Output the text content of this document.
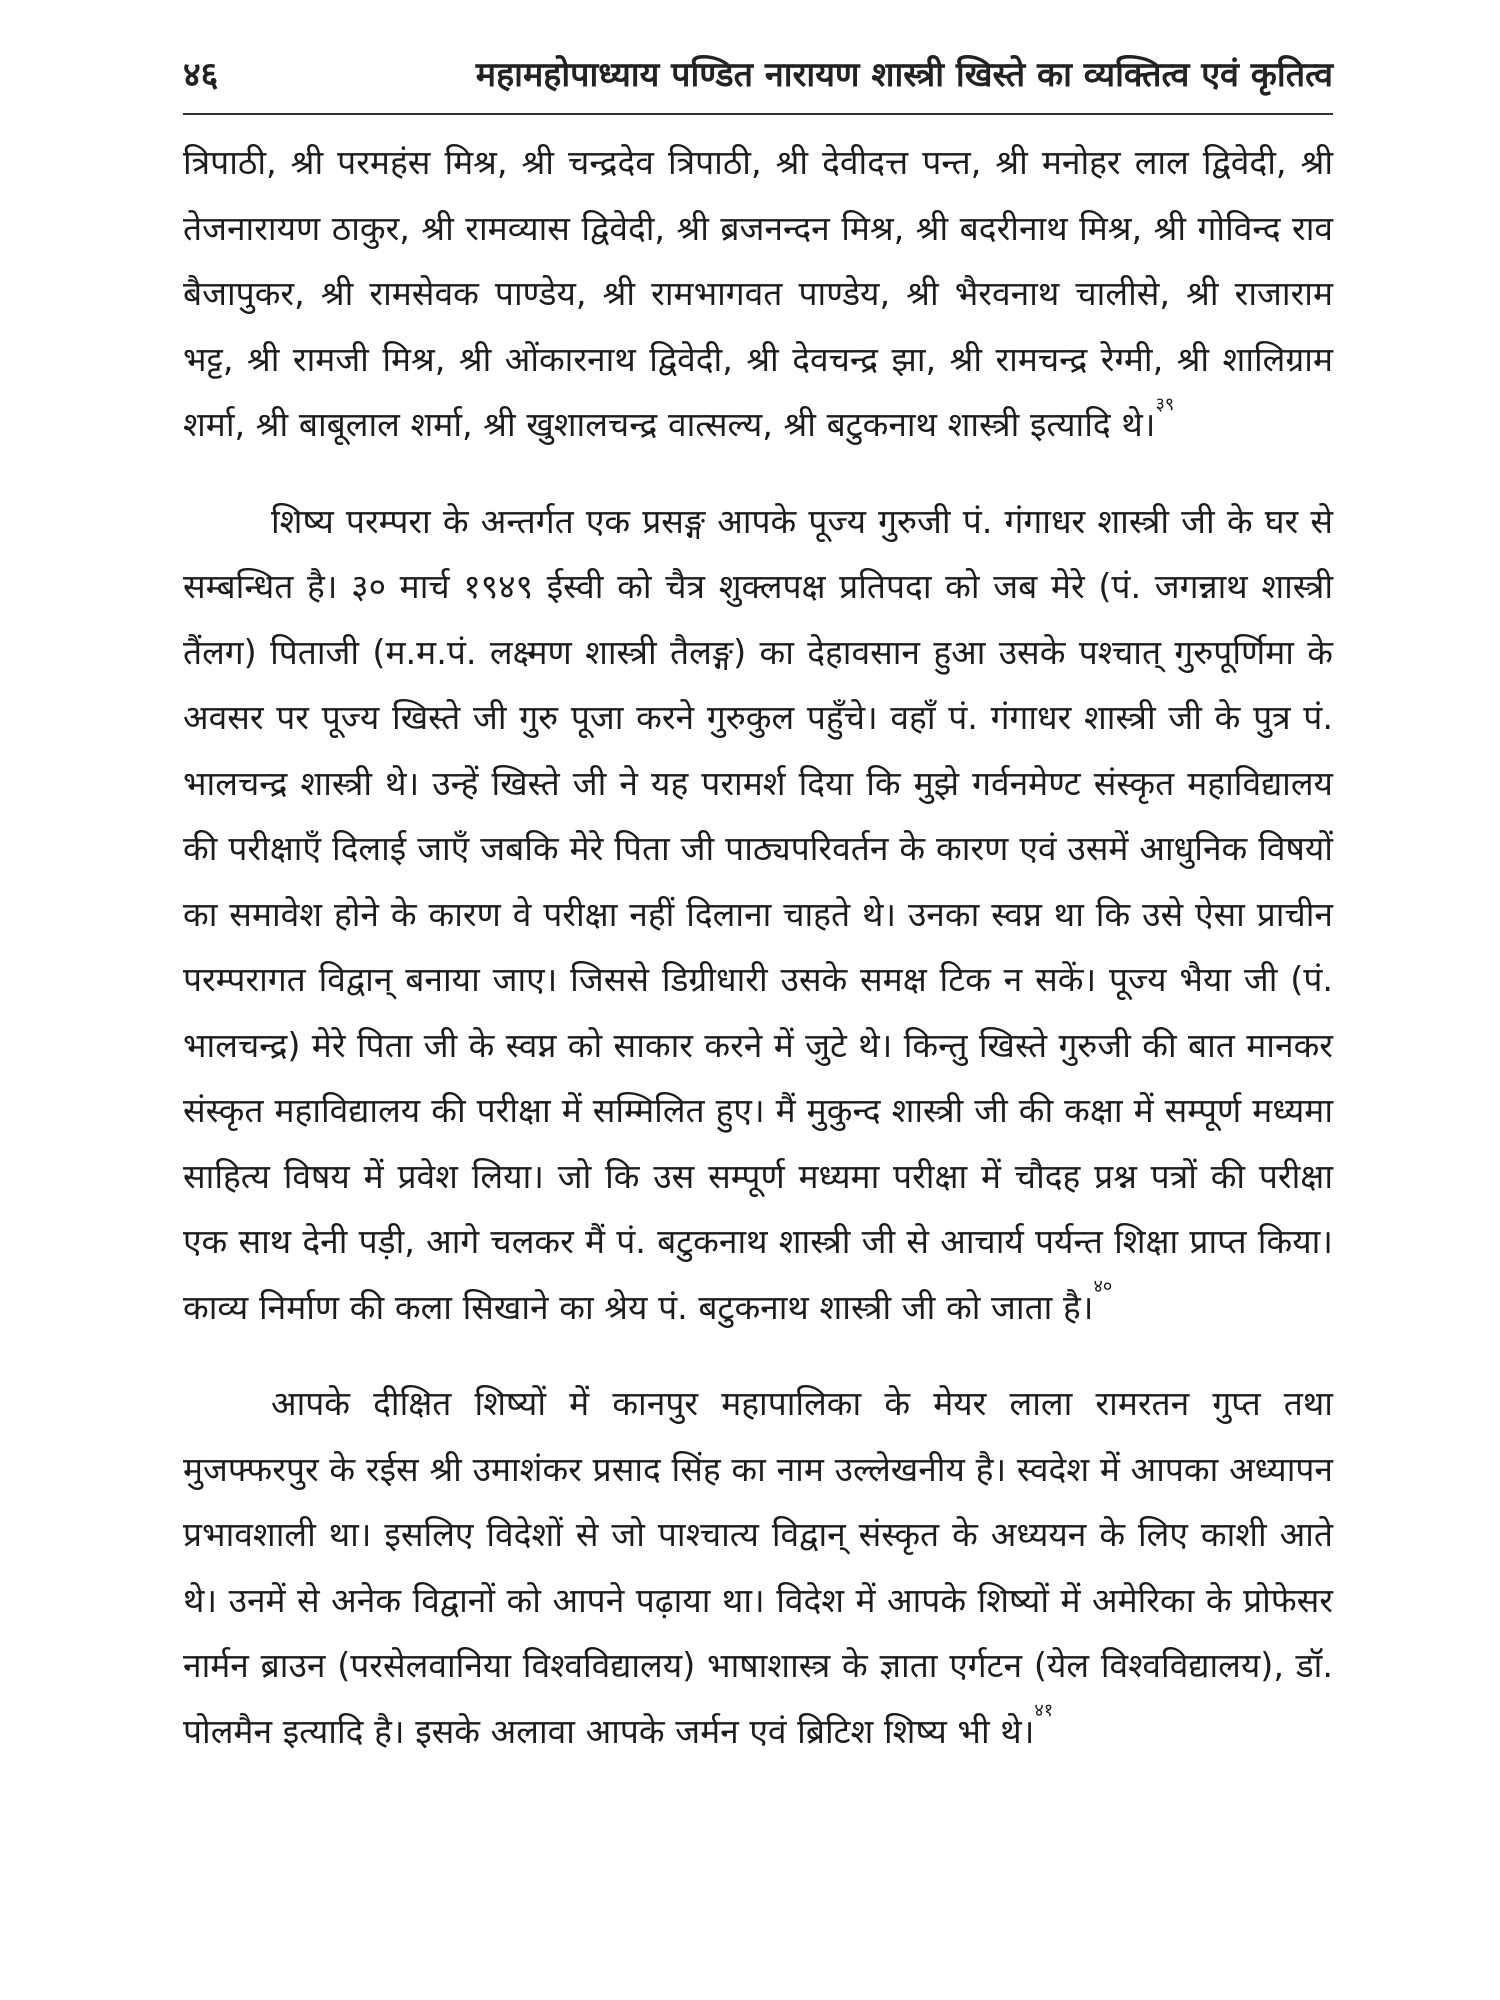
४६	महामहोपाध्याय पण्डित नारायण शास्त्री खिस्ते का व्यक्तित्व एवं कृतित्व

त्रिपाठी, श्री परमहंस मिश्र, श्री चन्द्रदेव त्रिपाठी, श्री देवीदत्त पन्त, श्री मनोहर लाल द्विवेदी, श्री तेजनारायण ठाकुर, श्री रामव्यास द्विवेदी, श्री ब्रजनन्दन मिश्र, श्री बदरीनाथ मिश्र, श्री गोविन्द राव बैजापुकर, श्री रामसेवक पाण्डेय, श्री रामभागवत पाण्डेय, श्री भैरवनाथ चालीसे, श्री राजाराम भट्ट, श्री रामजी मिश्र, श्री ओंकारनाथ द्विवेदी, श्री देवचन्द्र झा, श्री रामचन्द्र रेग्मी, श्री शालिग्राम शर्मा, श्री बाबूलाल शर्मा, श्री खुशालचन्द्र वात्सल्य, श्री बटुकनाथ शास्त्री इत्यादि थे।$^{३९}$

शिष्य परम्परा के अन्तर्गत एक प्रसङ्ग आपके पूज्य गुरुजी पं. गंगाधर शास्त्री जी के घर से सम्बन्धित है। ३० मार्च १९४९ ईस्वी को चैत्र शुक्लपक्ष प्रतिपदा को जब मेरे (पं. जगन्नाथ शास्त्री तैंलग) पिताजी (म.म.पं. लक्ष्मण शास्त्री तैलङ्ग) का देहावसान हुआ उसके पश्चात् गुरुपूर्णिमा के अवसर पर पूज्य खिस्ते जी गुरु पूजा करने गुरुकुल पहुँचे। वहाँ पं. गंगाधर शास्त्री जी के पुत्र पं. भालचन्द्र शास्त्री थे। उन्हें खिस्ते जी ने यह परामर्श दिया कि मुझे गर्वनमेण्ट संस्कृत महाविद्यालय की परीक्षाएँ दिलाई जाएँ जबकि मेरे पिता जी पाठ्यपरिवर्तन के कारण एवं उसमें आधुनिक विषयों का समावेश होने के कारण वे परीक्षा नहीं दिलाना चाहते थे। उनका स्वप्न था कि उसे ऐसा प्राचीन परम्परागत विद्वान् बनाया जाए। जिससे डिग्रीधारी उसके समक्ष टिक न सकें। पूज्य भैया जी (पं. भालचन्द्र) मेरे पिता जी के स्वप्न को साकार करने में जुटे थे। किन्तु खिस्ते गुरुजी की बात मानकर संस्कृत महाविद्यालय की परीक्षा में सम्मिलित हुए। मैं मुकुन्द शास्त्री जी की कक्षा में सम्पूर्ण मध्यमा साहित्य विषय में प्रवेश लिया। जो कि उस सम्पूर्ण मध्यमा परीक्षा में चौदह प्रश्न पत्रों की परीक्षा एक साथ देनी पड़ी, आगे चलकर मैं पं. बटुकनाथ शास्त्री जी से आचार्य पर्यन्त शिक्षा प्राप्त किया। काव्य निर्माण की कला सिखाने का श्रेय पं. बटुकनाथ शास्त्री जी को जाता है।$^{४०}$

आपके दीक्षित शिष्यों में कानपुर महापालिका के मेयर लाला रामरतन गुप्त तथा मुजफ्फरपुर के रईस श्री उमाशंकर प्रसाद सिंह का नाम उल्लेखनीय है। स्वदेश में आपका अध्यापन प्रभावशाली था। इसलिए विदेशों से जो पाश्चात्य विद्वान् संस्कृत के अध्ययन के लिए काशी आते थे। उनमें से अनेक विद्वानों को आपने पढ़ाया था। विदेश में आपके शिष्यों में अमेरिका के प्रोफेसर नार्मन ब्राउन (परसेलवानिया विश्वविद्यालय) भाषाशास्त्र के ज्ञाता एर्गटन (येल विश्वविद्यालय), डॉ. पोलमैन इत्यादि है। इसके अलावा आपके जर्मन एवं ब्रिटिश शिष्य भी थे।$^{४१}$
